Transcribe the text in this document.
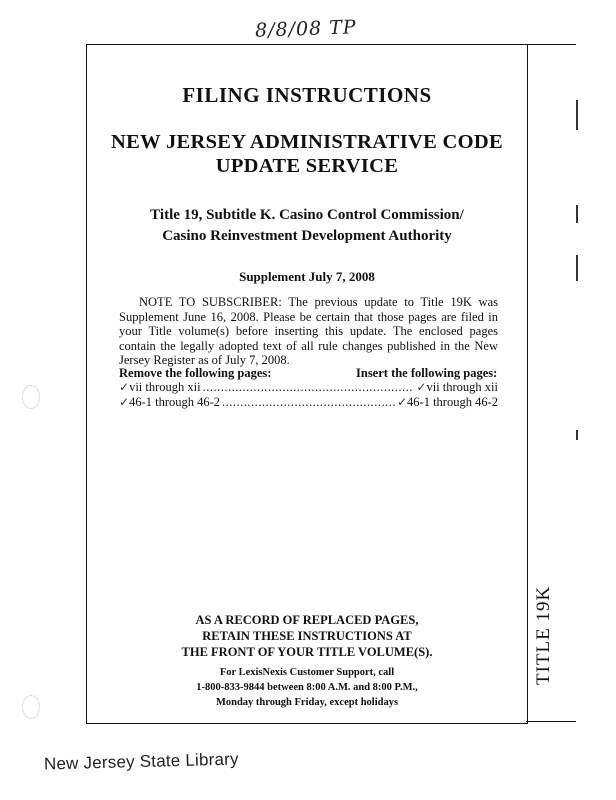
8/8/08 TP
FILING INSTRUCTIONS
NEW JERSEY ADMINISTRATIVE CODE
UPDATE SERVICE
Title 19, Subtitle K. Casino Control Commission/
Casino Reinvestment Development Authority
Supplement July 7, 2008
NOTE TO SUBSCRIBER: The previous update to Title 19K was Supplement June 16, 2008. Please be certain that those pages are filed in your Title volume(s) before inserting this update. The enclosed pages contain the legally adopted text of all rule changes published in the New Jersey Register as of July 7, 2008.
Remove the following pages:	Insert the following pages:
✓ vii through xii .....	✓ vii through xii
✓ 46-1 through 46-2 .....	✓ 46-1 through 46-2
AS A RECORD OF REPLACED PAGES,
RETAIN THESE INSTRUCTIONS AT
THE FRONT OF YOUR TITLE VOLUME(S).
For LexisNexis Customer Support, call
1-800-833-9844 between 8:00 A.M. and 8:00 P.M.,
Monday through Friday, except holidays
TITLE 19K
New Jersey State Library
